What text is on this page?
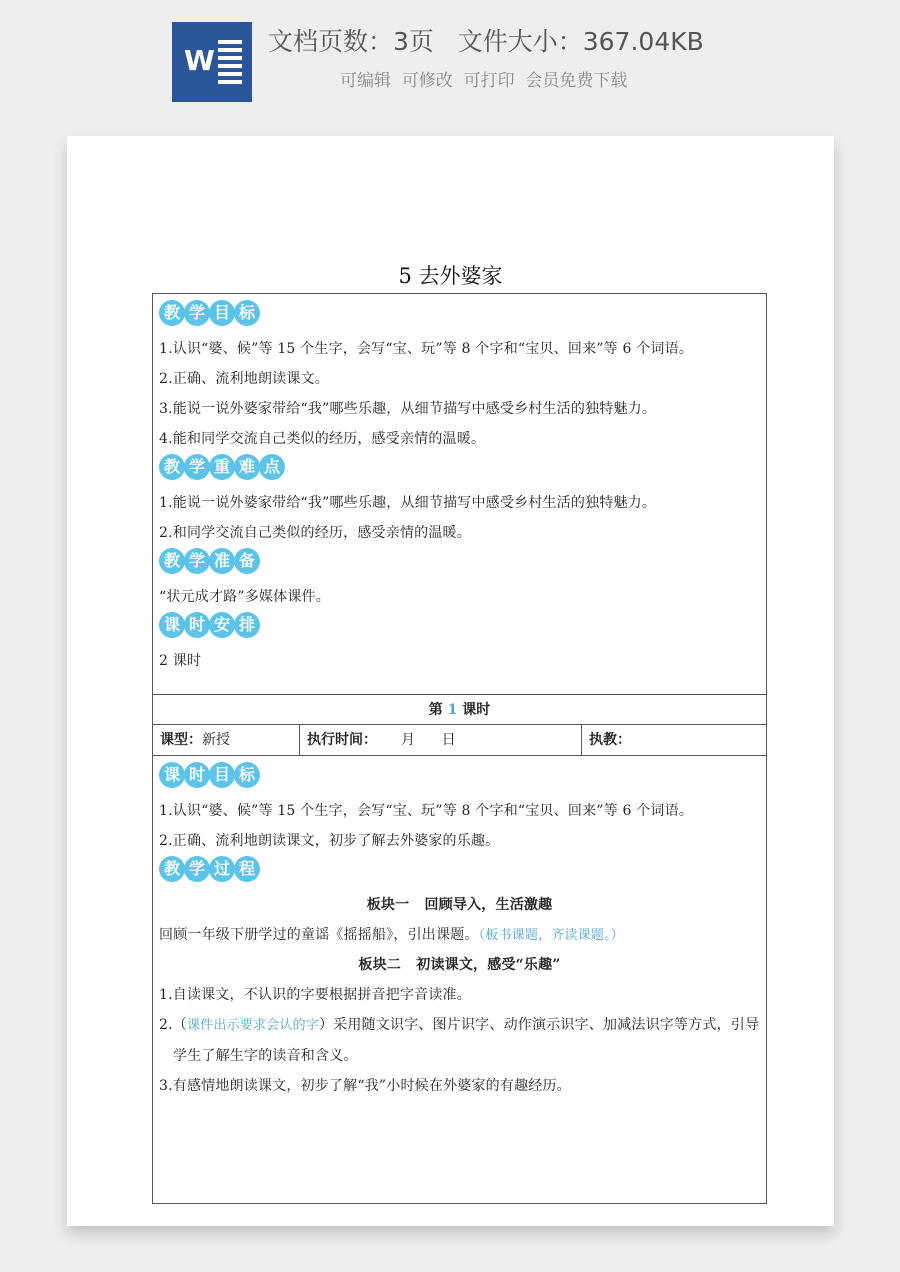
W
文档页数：3页   文件大小：367.04KB
可编辑  可修改  可打印  会员免费下载
5 去外婆家
教 学 目 标
1.认识“婆、候”等 15 个生字，会写“宝、玩”等 8 个字和“宝贝、回来”等 6 个词语。
2.正确、流利地朗读课文。
3.能说一说外婆家带给“我”哪些乐趣，从细节描写中感受乡村生活的独特魅力。
4.能和同学交流自己类似的经历，感受亲情的温暖。
教 学 重 难 点
1.能说一说外婆家带给“我”哪些乐趣，从细节描写中感受乡村生活的独特魅力。
2.和同学交流自己类似的经历，感受亲情的温暖。
教 学 准 备
“状元成才路”多媒体课件。
课 时 安 排
2 课时
第 1 课时
课型：新授	执行时间： 月      日	执教：
课 时 目 标
1.认识“婆、候”等 15 个生字，会写“宝、玩”等 8 个字和“宝贝、回来”等 6 个词语。
2.正确、流利地朗读课文，初步了解去外婆家的乐趣。
教 学 过 程
板块一   回顾导入，生活激趣
回顾一年级下册学过的童谣《摇摇船》，引出课题。（板书课题，齐读课题。）
板块二   初读课文，感受“乐趣”
1.自读课文，不认识的字要根据拼音把字音读准。
2.（课件出示要求会认的字）采用随文识字、图片识字、动作演示识字、加减法识字等方式，引导学生了解生字的读音和含义。
3.有感情地朗读课文，初步了解“我”小时候在外婆家的有趣经历。
